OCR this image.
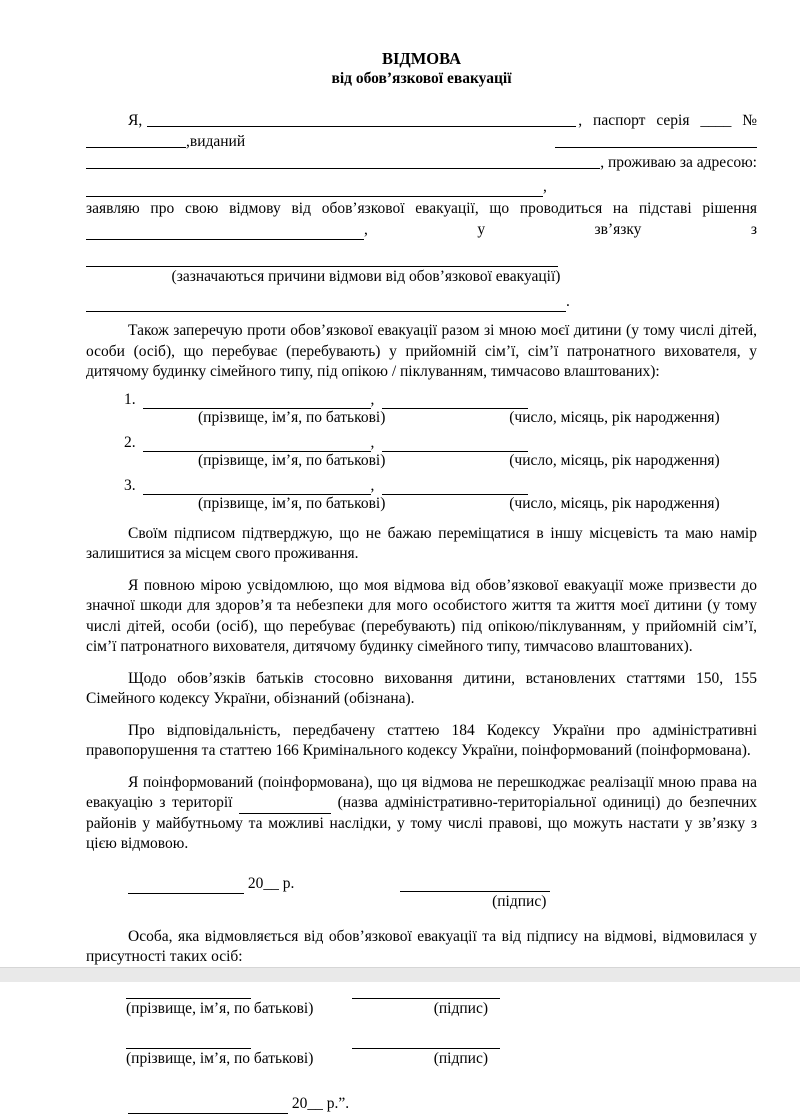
ВІДМОВА
від обов’язкової евакуації
Я,	, паспорт серія ____ №
,виданий
, проживаю за адресою:
,
заявляю про свою відмову від обов’язкової евакуації, що проводиться на підставі рішення
,	у	зв’язку	з
(зазначаються причини відмови від обов’язкової евакуації)
.

Також заперечую проти обов’язкової евакуації разом зі мною моєї дитини (у тому числі дітей, особи (осіб), що перебуває (перебувають) у прийомній сім’ї, сім’ї патронатного вихователя, у дитячому будинку сімейного типу, під опікою / піклуванням, тимчасово влаштованих):

1.	,
(прізвище, ім’я, по батькові)	(число, місяць, рік народження)
2.	,
(прізвище, ім’я, по батькові)	(число, місяць, рік народження)
3.	,
(прізвище, ім’я, по батькові)	(число, місяць, рік народження)

Своїм підписом підтверджую, що не бажаю переміщатися в іншу місцевість та маю намір залишитися за місцем свого проживання.

Я повною мірою усвідомлюю, що моя відмова від обов’язкової евакуації може призвести до значної шкоди для здоров’я та небезпеки для мого особистого життя та життя моєї дитини (у тому числі дітей, особи (осіб), що перебуває (перебувають) під опікою/піклуванням, у прийомній сім’ї, сім’ї патронатного вихователя, дитячому будинку сімейного типу, тимчасово влаштованих).

Щодо обов’язків батьків стосовно виховання дитини, встановлених статтями 150, 155 Сімейного кодексу України, обізнаний (обізнана).

Про відповідальність, передбачену статтею 184 Кодексу України про адміністративні правопорушення та статтею 166 Кримінального кодексу України, поінформований (поінформована).

Я поінформований (поінформована), що ця відмова не перешкоджає реалізації мною права на евакуацію з території	(назва адміністративно-територіальної одиниці) до безпечних районів у майбутньому та можливі наслідки, у тому числі правові, що можуть настати у зв’язку з цією відмовою.

20__ р.
(підпис)

Особа, яка відмовляється від обов’язкової евакуації та від підпису на відмові, відмовилася у присутності таких осіб:

(прізвище, ім’я, по батькові)	(підпис)
(прізвище, ім’я, по батькові)	(підпис)
20__ р.”.
